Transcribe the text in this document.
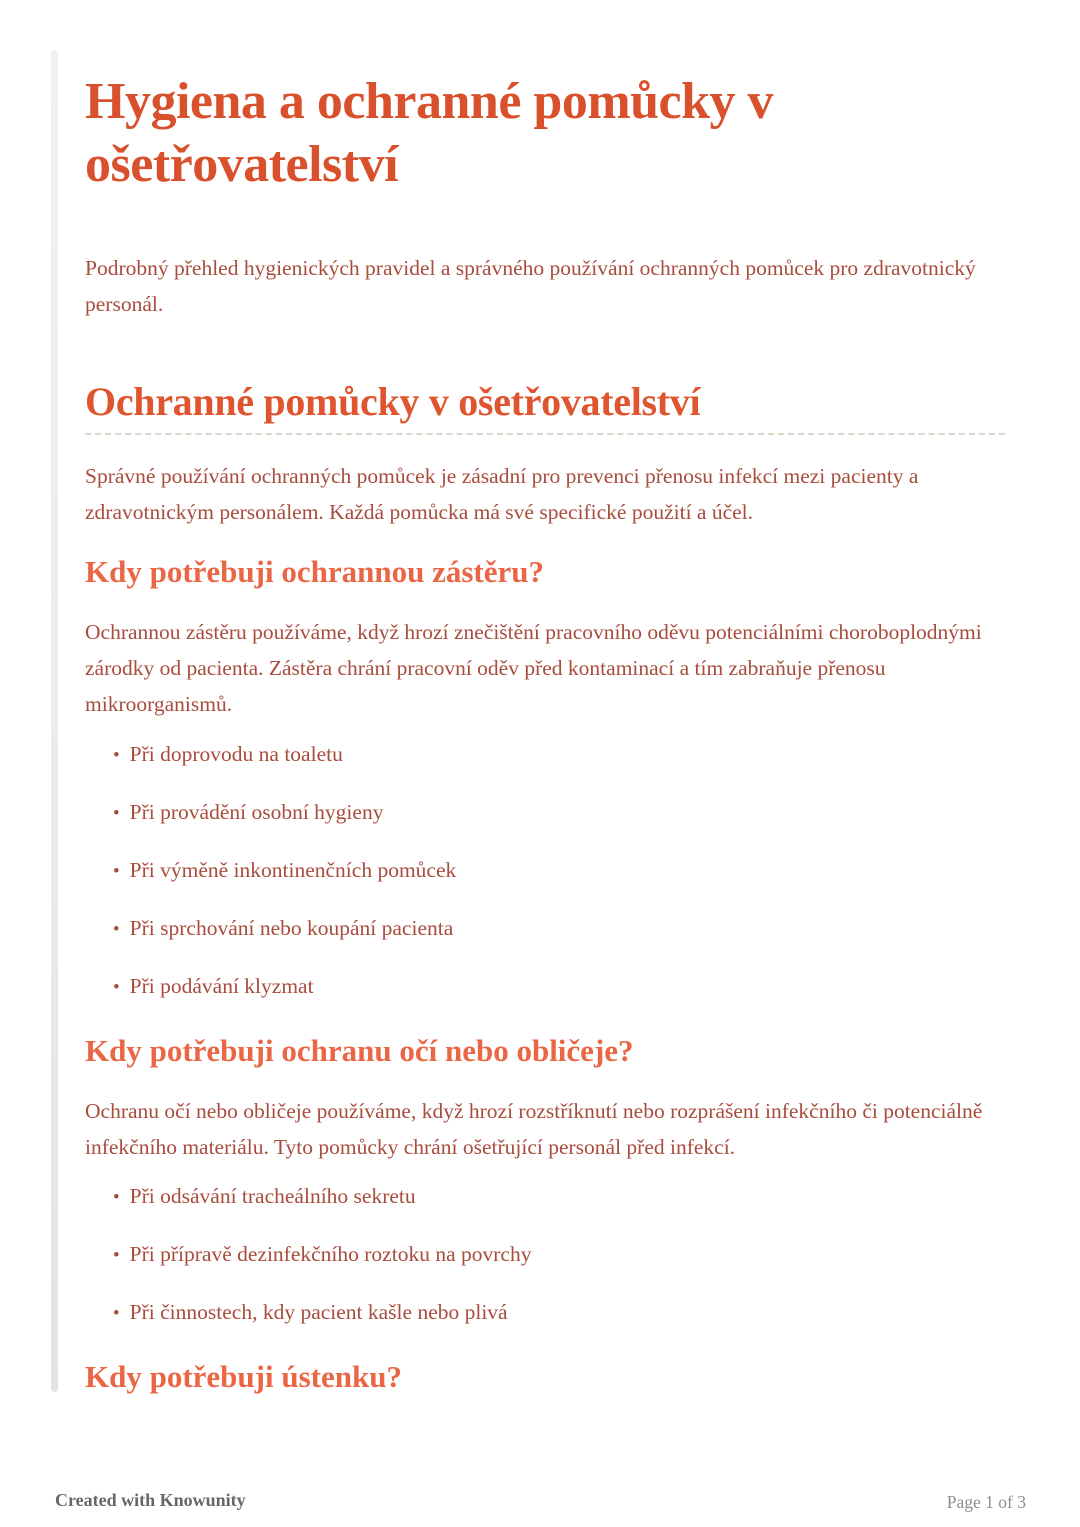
Hygiena a ochranné pomůcky v ošetřovatelství

Podrobný přehled hygienických pravidel a správného používání ochranných pomůcek pro zdravotnický personál.

Ochranné pomůcky v ošetřovatelství

Správné používání ochranných pomůcek je zásadní pro prevenci přenosu infekcí mezi pacienty a zdravotnickým personálem. Každá pomůcka má své specifické použití a účel.

Kdy potřebuji ochrannou zástěru?

Ochrannou zástěru používáme, když hrozí znečištění pracovního oděvu potenciálními choroboplodnými zárodky od pacienta. Zástěra chrání pracovní oděv před kontaminací a tím zabraňuje přenosu mikroorganismů.

•Při doprovodu na toaletu
•Při provádění osobní hygieny
•Při výměně inkontinenčních pomůcek
•Při sprchování nebo koupání pacienta
•Při podávání klyzmat
Kdy potřebuji ochranu očí nebo obličeje?

Ochranu očí nebo obličeje používáme, když hrozí rozstříknutí nebo rozprášení infekčního či potenciálně infekčního materiálu. Tyto pomůcky chrání ošetřující personál před infekcí.

•Při odsávání tracheálního sekretu
•Při přípravě dezinfekčního roztoku na povrchy
•Při činnostech, kdy pacient kašle nebo plivá
Kdy potřebuji ústenku?
Created with Knowunity	Page 1 of 3
